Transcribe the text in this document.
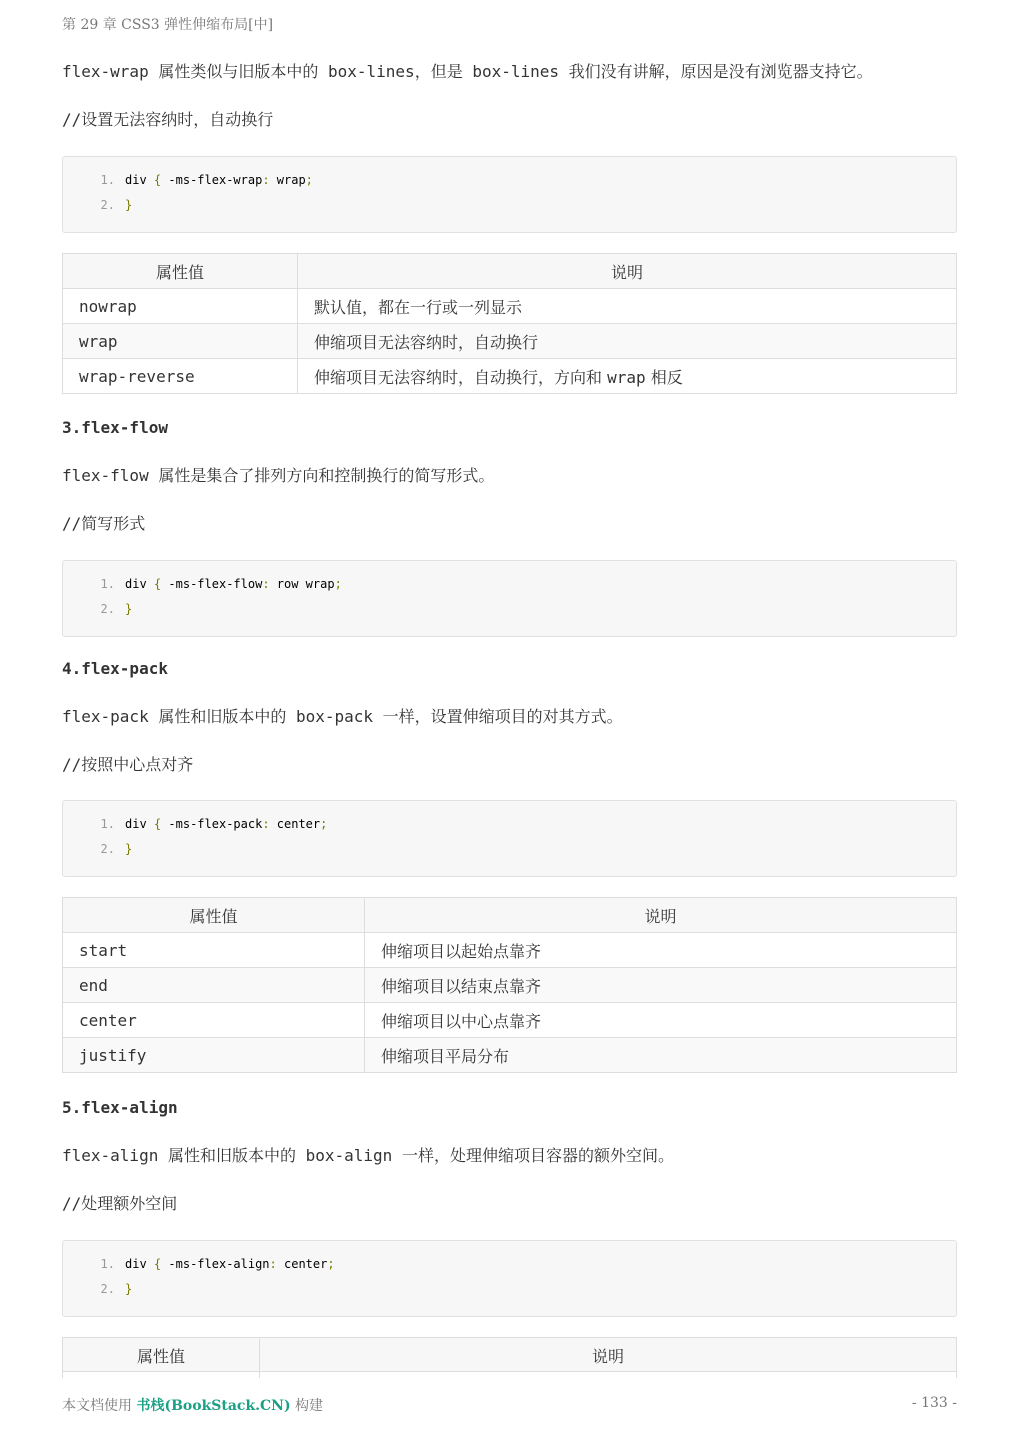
第 29 章 CSS3 弹性伸缩布局[中]
flex-wrap 属性类似与旧版本中的 box-lines，但是 box-lines 我们没有讲解，原因是没有浏览器支持它。
//设置无法容纳时，自动换行
1. div { -ms-flex-wrap: wrap;
2. }
属性值	说明
nowrap	默认值，都在一行或一列显示
wrap	伸缩项目无法容纳时，自动换行
wrap-reverse	伸缩项目无法容纳时，自动换行，方向和 wrap 相反
3.flex-flow
flex-flow 属性是集合了排列方向和控制换行的简写形式。
//简写形式
1. div { -ms-flex-flow: row wrap;
2. }
4.flex-pack
flex-pack 属性和旧版本中的 box-pack 一样，设置伸缩项目的对其方式。
//按照中心点对齐
1. div { -ms-flex-pack: center;
2. }
属性值	说明
start	伸缩项目以起始点靠齐
end	伸缩项目以结束点靠齐
center	伸缩项目以中心点靠齐
justify	伸缩项目平局分布
5.flex-align
flex-align 属性和旧版本中的 box-align 一样，处理伸缩项目容器的额外空间。
//处理额外空间
1. div { -ms-flex-align: center;
2. }
属性值	说明
本文档使用 书栈(BookStack.CN) 构建	- 133 -
